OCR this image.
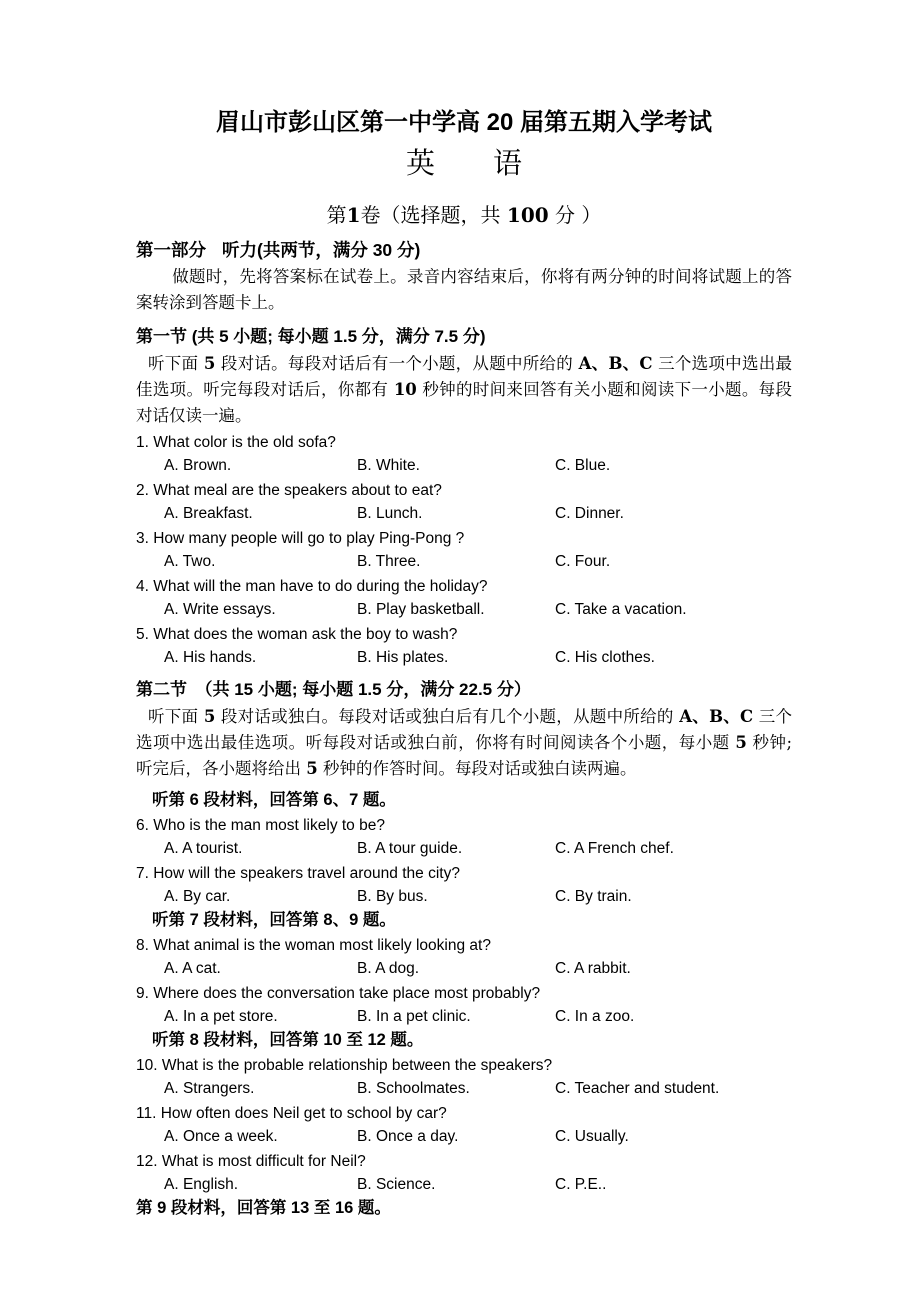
眉山市彭山区第一中学高 20 届第五期入学考试
英　　语
第1卷（选择题，共 100 分 ）
第一部分 听力(共两节，满分 30 分)

做题时，先将答案标在试卷上。录音内容结束后，你将有两分钟的时间将试题上的答案转涂到答题卡上。

第一节 (共 5 小题; 每小题 1.5 分，满分 7.5 分)

听下面 5 段对话。每段对话后有一个小题，从题中所给的 A、B、C 三个选项中选出最佳选项。听完每段对话后，你都有 10 秒钟的时间来回答有关小题和阅读下一小题。每段对话仅读一遍。

1. What color is the old sofa?
A. Brown.	B. White.	C. Blue.
2. What meal are the speakers about to eat?
A. Breakfast.	B. Lunch.	C. Dinner.
3. How many people will go to play Ping-Pong ?
A. Two.	B. Three.	C. Four.
4. What will the man have to do during the holiday?
A. Write essays.	B. Play basketball.	C. Take a vacation.
5. What does the woman ask the boy to wash?
A. His hands.	B. His plates.	C. His clothes.
第二节　（共 15 小题; 每小题 1.5 分，满分 22.5 分）

听下面 5 段对话或独白。每段对话或独白后有几个小题，从题中所给的 A、B、C 三个选项中选出最佳选项。听每段对话或独白前，你将有时间阅读各个小题，每小题 5 秒钟; 听完后，各小题将给出 5 秒钟的作答时间。每段对话或独白读两遍。

听第 6 段材料，回答第 6、7 题。
6. Who is the man most likely to be?
A. A tourist.	B. A tour guide.	C. A French chef.
7. How will the speakers travel around the city?
A. By car.	B. By bus.	C. By train.
听第 7 段材料，回答第 8、9 题。
8. What animal is the woman most likely looking at?
A. A cat.	B. A dog.	C. A rabbit.
9. Where does the conversation take place most probably?
A. In a pet store.	B. In a pet clinic.	C. In a zoo.
听第 8 段材料，回答第 10 至 12 题。
10. What is the probable relationship between the speakers?
A. Strangers.	B. Schoolmates.	C. Teacher and student.
11. How often does Neil get to school by car?
A. Once a week.	B. Once a day.	C. Usually.
12. What is most difficult for Neil?
A. English.	B. Science.	C. P.E..
第 9 段材料，回答第 13 至 16 题。
